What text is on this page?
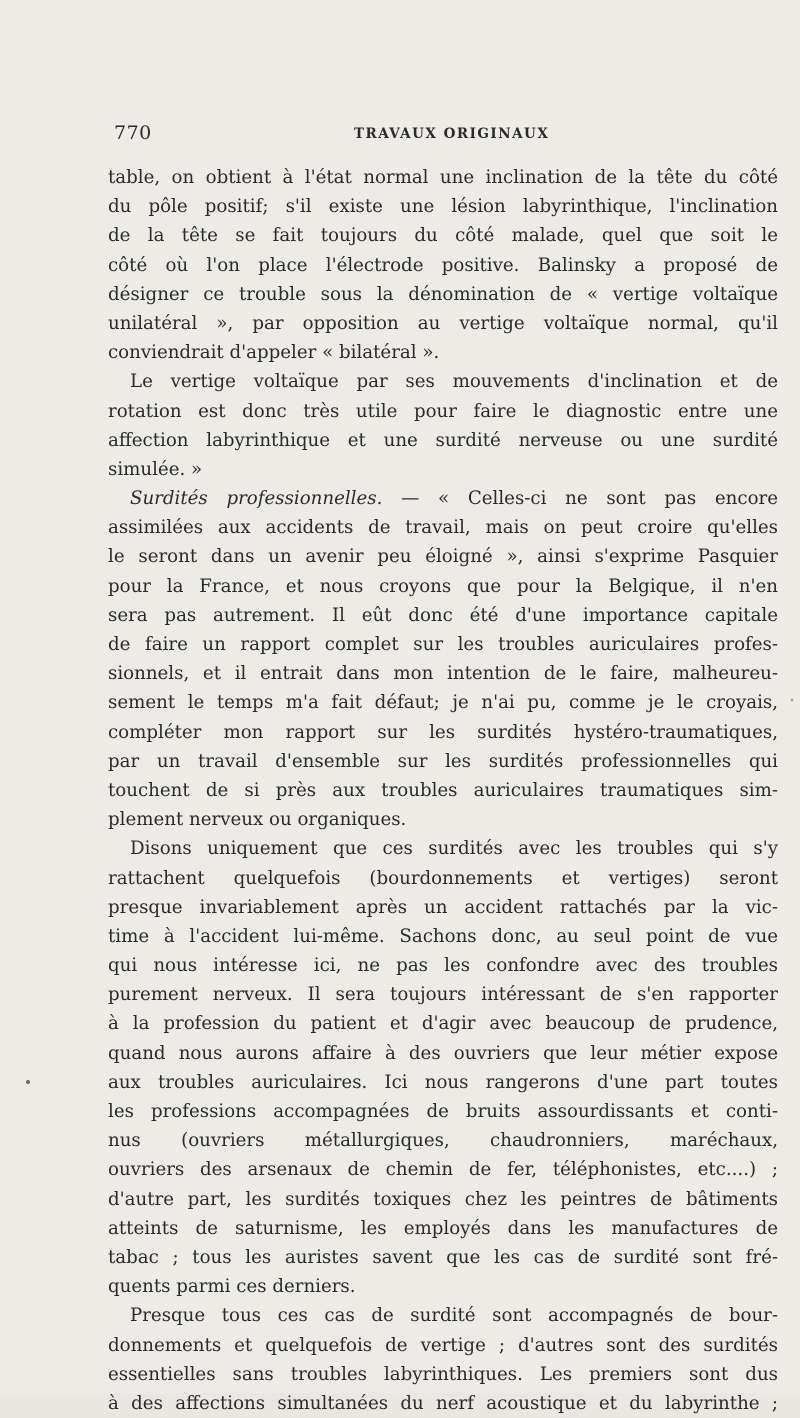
770	TRAVAUX ORIGINAUX
table, on obtient à l'état normal une inclination de la tête du côté
du pôle positif; s'il existe une lésion labyrinthique, l'inclination
de la tête se fait toujours du côté malade, quel que soit le
côté où l'on place l'électrode positive. Balinsky a proposé de
désigner ce trouble sous la dénomination de « vertige voltaïque
unilatéral », par opposition au vertige voltaïque normal, qu'il
conviendrait d'appeler « bilatéral ».
Le vertige voltaïque par ses mouvements d'inclination et de
rotation est donc très utile pour faire le diagnostic entre une
affection labyrinthique et une surdité nerveuse ou une surdité
simulée. »
Surdités professionnelles. — « Celles-ci ne sont pas encore
assimilées aux accidents de travail, mais on peut croire qu'elles
le seront dans un avenir peu éloigné », ainsi s'exprime Pasquier
pour la France, et nous croyons que pour la Belgique, il n'en
sera pas autrement. Il eût donc été d'une importance capitale
de faire un rapport complet sur les troubles auriculaires profes-
sionnels, et il entrait dans mon intention de le faire, malheureu-
sement le temps m'a fait défaut; je n'ai pu, comme je le croyais,
compléter mon rapport sur les surdités hystéro-traumatiques,
par un travail d'ensemble sur les surdités professionnelles qui
touchent de si près aux troubles auriculaires traumatiques sim-
plement nerveux ou organiques.
Disons uniquement que ces surdités avec les troubles qui s'y
rattachent quelquefois (bourdonnements et vertiges) seront
presque invariablement après un accident rattachés par la vic-
time à l'accident lui-même. Sachons donc, au seul point de vue
qui nous intéresse ici, ne pas les confondre avec des troubles
purement nerveux. Il sera toujours intéressant de s'en rapporter
à la profession du patient et d'agir avec beaucoup de prudence,
quand nous aurons affaire à des ouvriers que leur métier expose
aux troubles auriculaires. Ici nous rangerons d'une part toutes
les professions accompagnées de bruits assourdissants et conti-
nus (ouvriers métallurgiques, chaudronniers, maréchaux,
ouvriers des arsenaux de chemin de fer, téléphonistes, etc....) ;
d'autre part, les surdités toxiques chez les peintres de bâtiments
atteints de saturnisme, les employés dans les manufactures de
tabac ; tous les auristes savent que les cas de surdité sont fré-
quents parmi ces derniers.
Presque tous ces cas de surdité sont accompagnés de bour-
donnements et quelquefois de vertige ; d'autres sont des surdités
essentielles sans troubles labyrinthiques. Les premiers sont dus
à des affections simultanées du nerf acoustique et du labyrinthe ;
